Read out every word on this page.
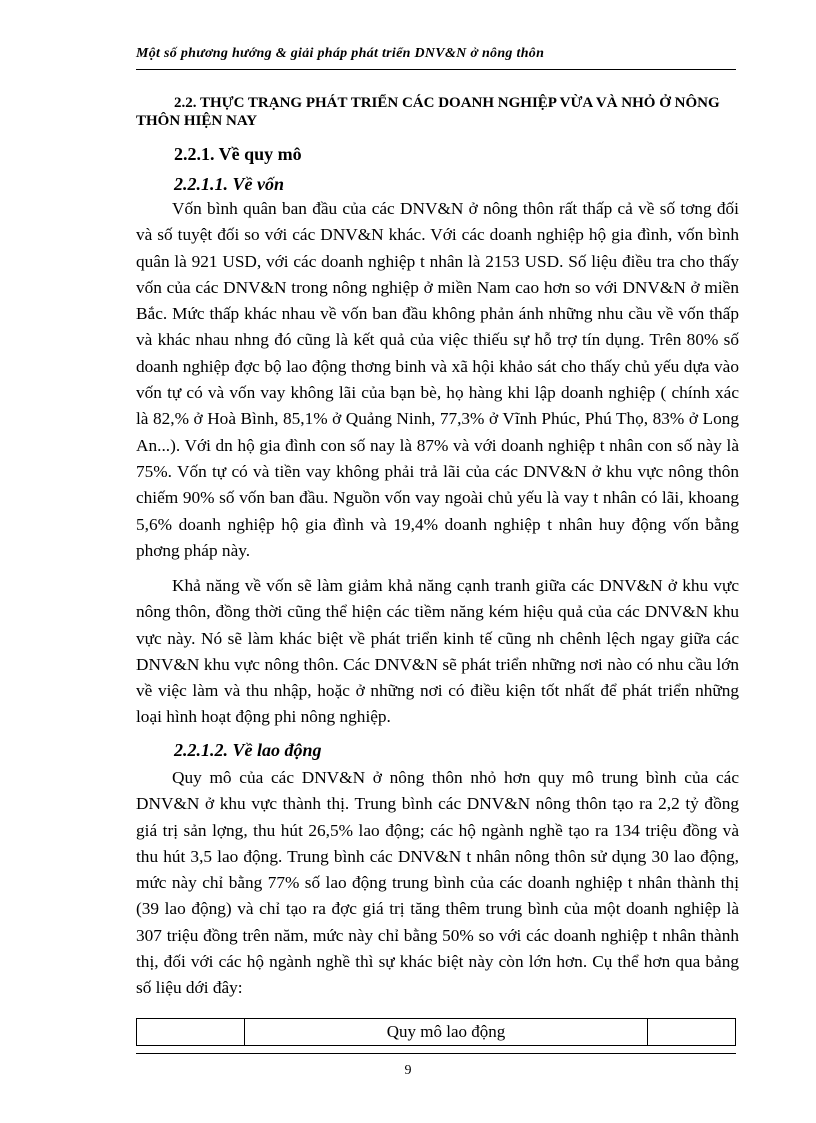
Một số phương hướng & giải pháp phát triển DNV&N ở nông thôn
2.2. THỰC TRẠNG PHÁT TRIỂN CÁC DOANH NGHIỆP VỪA VÀ NHỎ Ở NÔNG THÔN HIỆN NAY
2.2.1. Về quy mô
2.2.1.1. Về vốn

Vốn bình quân ban đầu của các DNV&N ở nông thôn rất thấp cả về số tơng đối và số tuyệt đối so với các DNV&N khác. Với các doanh nghiệp hộ gia đình, vốn bình quân là 921 USD, với các doanh nghiệp t nhân là 2153 USD. Số liệu điều tra cho thấy vốn của các DNV&N trong nông nghiệp ở miền Nam cao hơn so với DNV&N ở miền Bắc. Mức thấp khác nhau về vốn ban đầu không phản ánh những nhu cầu về vốn thấp và khác nhau nhng đó cũng là kết quả của việc thiếu sự hỗ trợ tín dụng. Trên 80% số doanh nghiệp đợc bộ lao động thơng binh và xã hội khảo sát cho thấy chủ yếu dựa vào vốn tự có và vốn vay không lãi của bạn bè, họ hàng khi lập doanh nghiệp ( chính xác là 82,% ở Hoà Bình, 85,1% ở Quảng Ninh, 77,3% ở Vĩnh Phúc, Phú Thọ, 83% ở Long An...). Với dn hộ gia đình con số nay là 87% và với doanh nghiệp t nhân con số này là 75%. Vốn tự có và tiền vay không phải trả lãi của các DNV&N ở khu vực nông thôn chiếm 90% số vốn ban đầu. Nguồn vốn vay ngoài chủ yếu là vay t nhân có lãi, khoang 5,6% doanh nghiệp hộ gia đình và 19,4% doanh nghiệp t nhân huy động vốn bằng phơng pháp này.

Khả năng về vốn sẽ làm giảm khả năng cạnh tranh giữa các DNV&N ở khu vực nông thôn, đồng thời cũng thể hiện các tiềm năng kém hiệu quả của các DNV&N khu vực này. Nó sẽ làm khác biệt về phát triển kinh tế cũng nh chênh lệch ngay giữa các DNV&N khu vực nông thôn. Các DNV&N sẽ phát triển những nơi nào có nhu cầu lớn về việc làm và thu nhập, hoặc ở những nơi có điều kiện tốt nhất để phát triển những loại hình hoạt động phi nông nghiệp.

2.2.1.2. Về lao động

Quy mô của các DNV&N ở nông thôn nhỏ hơn quy mô trung bình của các DNV&N ở khu vực thành thị. Trung bình các DNV&N nông thôn tạo ra 2,2 tỷ đồng giá trị sản lợng, thu hút 26,5% lao động; các hộ ngành nghề tạo ra 134 triệu đồng và thu hút 3,5 lao động. Trung bình các DNV&N t nhân nông thôn sử dụng 30 lao động, mức này chỉ bằng 77% số lao động trung bình của các doanh nghiệp t nhân thành thị (39 lao động) và chỉ tạo ra đợc giá trị tăng thêm trung bình của một doanh nghiệp là 307 triệu đồng trên năm, mức này chỉ bằng 50% so với các doanh nghiệp t nhân thành thị, đối với các hộ ngành nghề thì sự khác biệt này còn lớn hơn. Cụ thể hơn qua bảng số liệu dới đây:

	Quy mô lao động	
9
